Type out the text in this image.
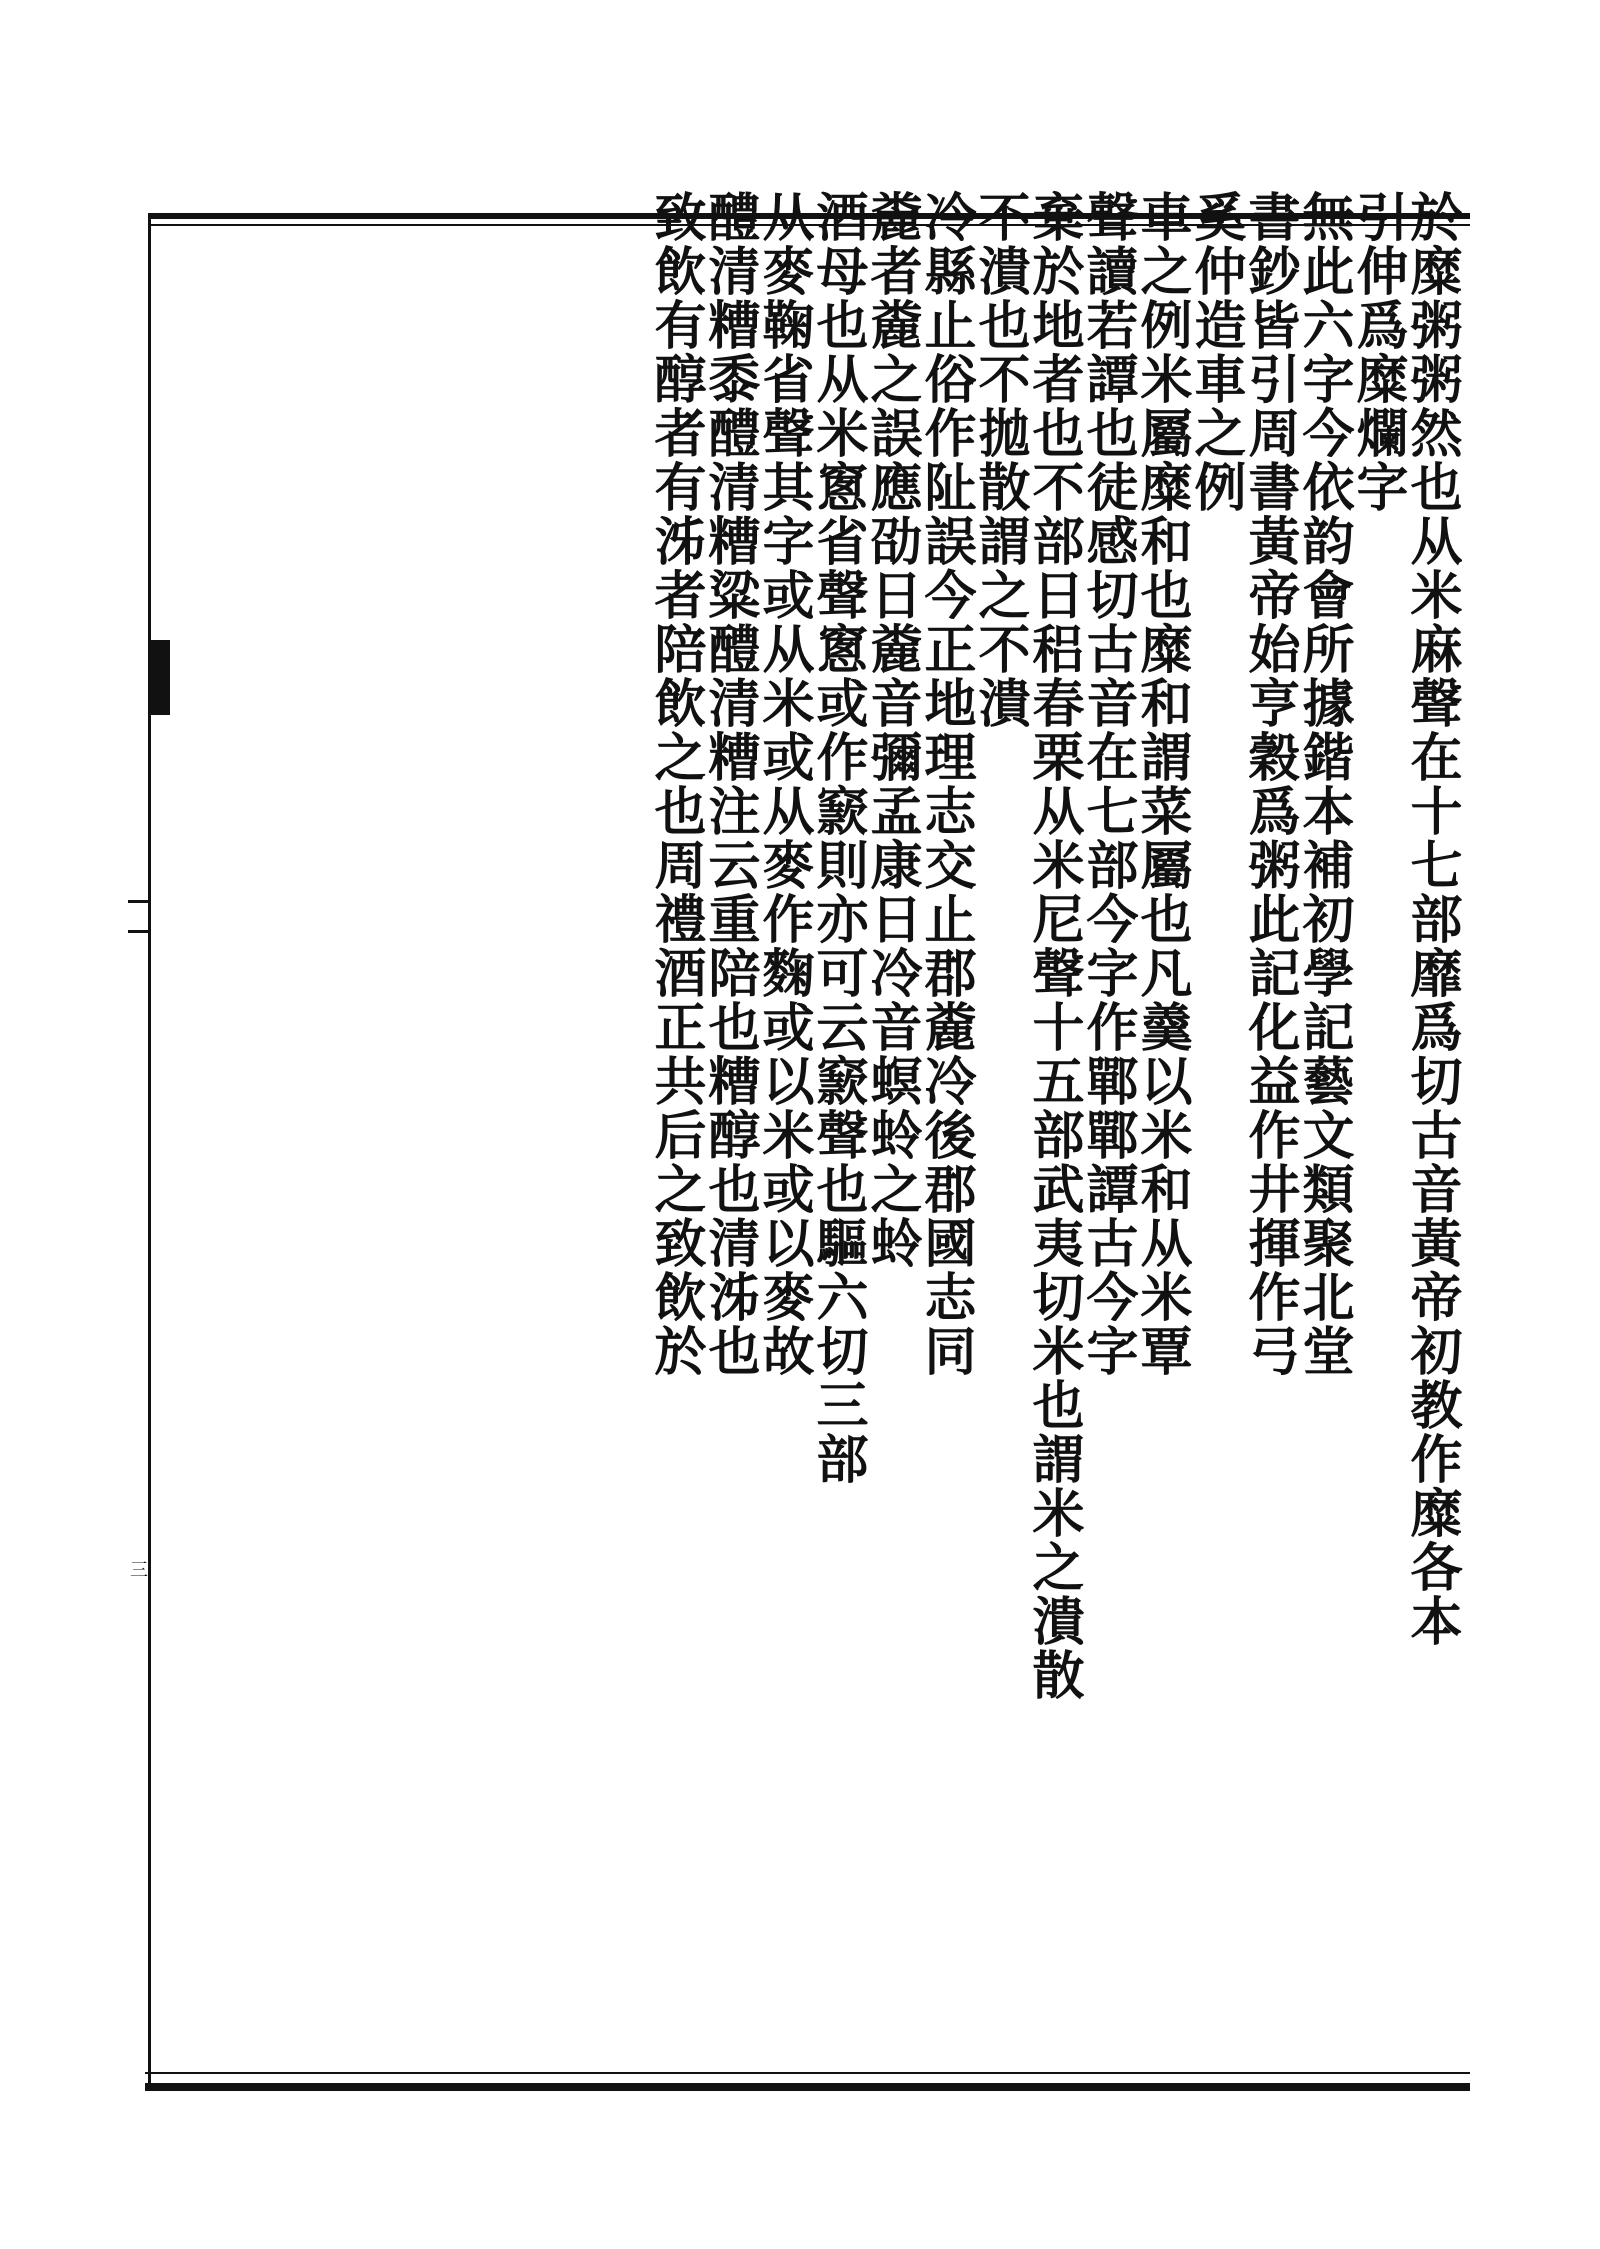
三	於糜粥粥然也从米麻聲在十七部靡爲切古音黃帝初教作糜各本
引伸爲糜爛字
無此六字今依韵會所據鍇本補初學記藝文類聚北堂
書鈔皆引周書黃帝始亨穀爲粥此記化益作井揮作弓
奚仲造車之例
車之例米屬糜和也糜和謂菜屬也凡羹以米和从米覃
聲讀若譚也徒感切古音在七部今字作鄲鄲譚古今字
棄於地者也不部日稆春栗从米尼聲十五部武夷切米也謂米之潰散
不潰也不拋散謂之不潰
冷縣止俗作阯誤今正地理志交止郡麊冷後郡國志同
麊者麊之誤應劭日麊音彌孟康日冷音螟蛉之蛉
酒母也从米窻省聲窻或作窾則亦可云窾聲也驅六切三部
从麥鞠省聲其字或从米或从麥作麴或以米或以麥故
醴清糟黍醴清糟粱醴清糟注云重陪也糟醇也清泲也
致飲有醇者有泲者陪飲之也周禮酒正共后之致飲於
